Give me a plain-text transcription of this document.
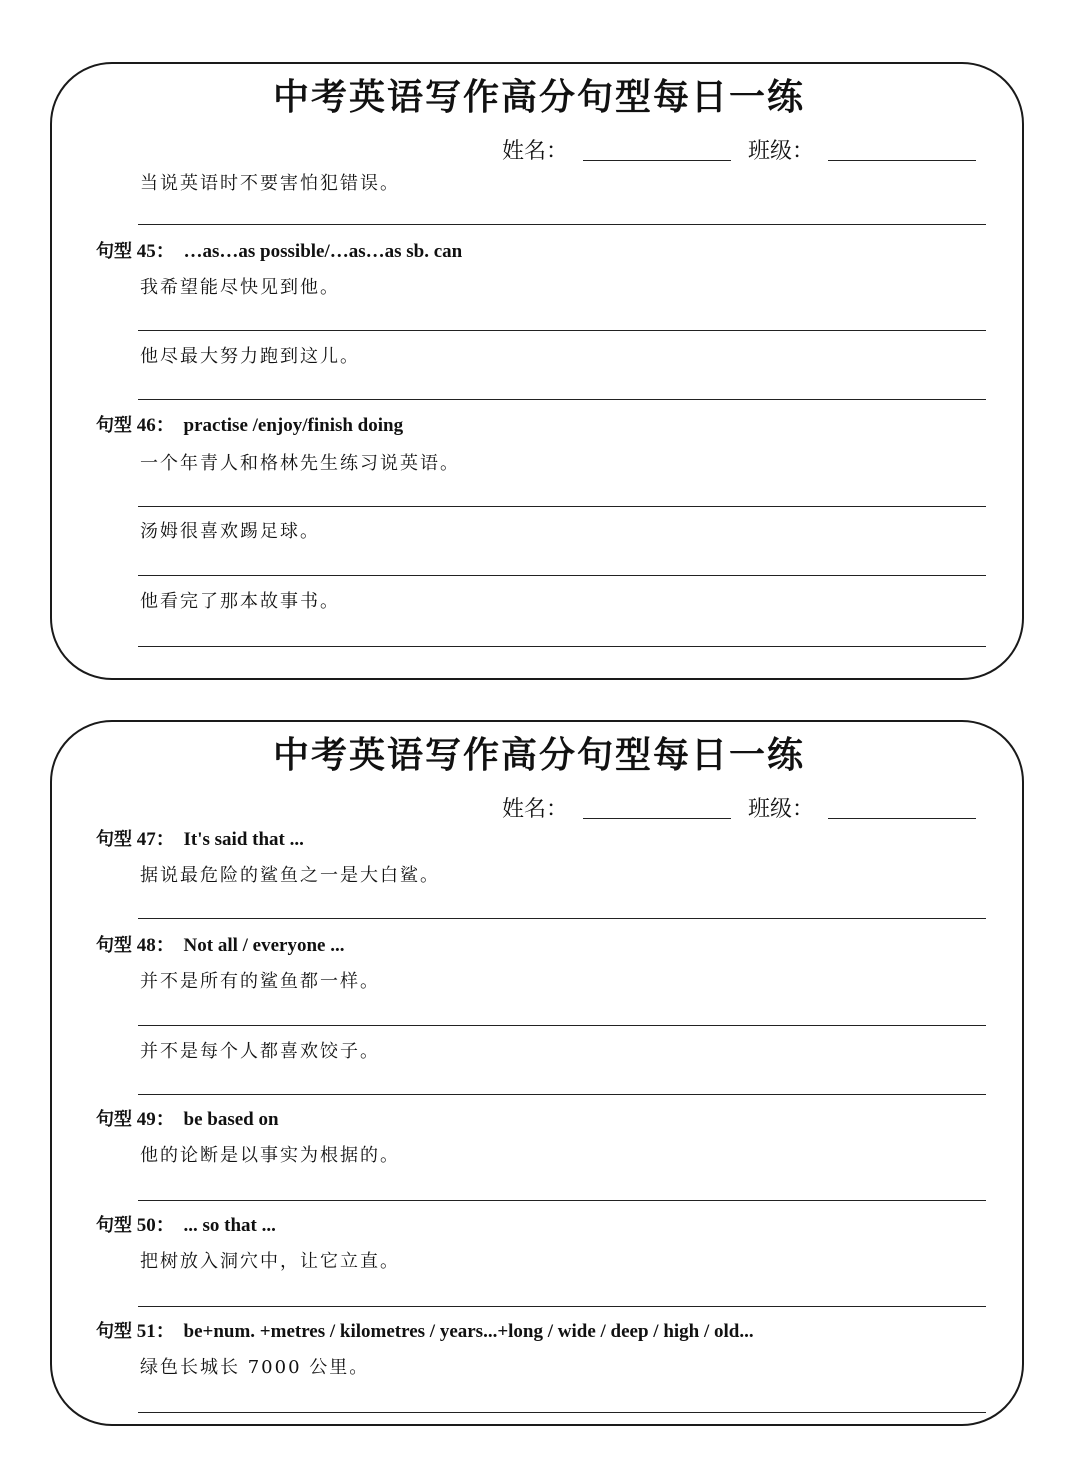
中考英语写作高分句型每日一练
姓名：	班级：
当说英语时不要害怕犯错误。
句型 45： …as…as possible/…as…as sb. can
我希望能尽快见到他。
他尽最大努力跑到这儿。
句型 46： practise /enjoy/finish doing
一个年青人和格林先生练习说英语。
汤姆很喜欢踢足球。
他看完了那本故事书。
中考英语写作高分句型每日一练
姓名：	班级：
句型 47： It's said that ...
据说最危险的鲨鱼之一是大白鲨。
句型 48： Not all / everyone ...
并不是所有的鲨鱼都一样。
并不是每个人都喜欢饺子。
句型 49： be based on
他的论断是以事实为根据的。
句型 50： ... so that ...
把树放入洞穴中，让它立直。
句型 51： be+num. +metres / kilometres / years...+long / wide / deep / high / old...
绿色长城长 7000 公里。
